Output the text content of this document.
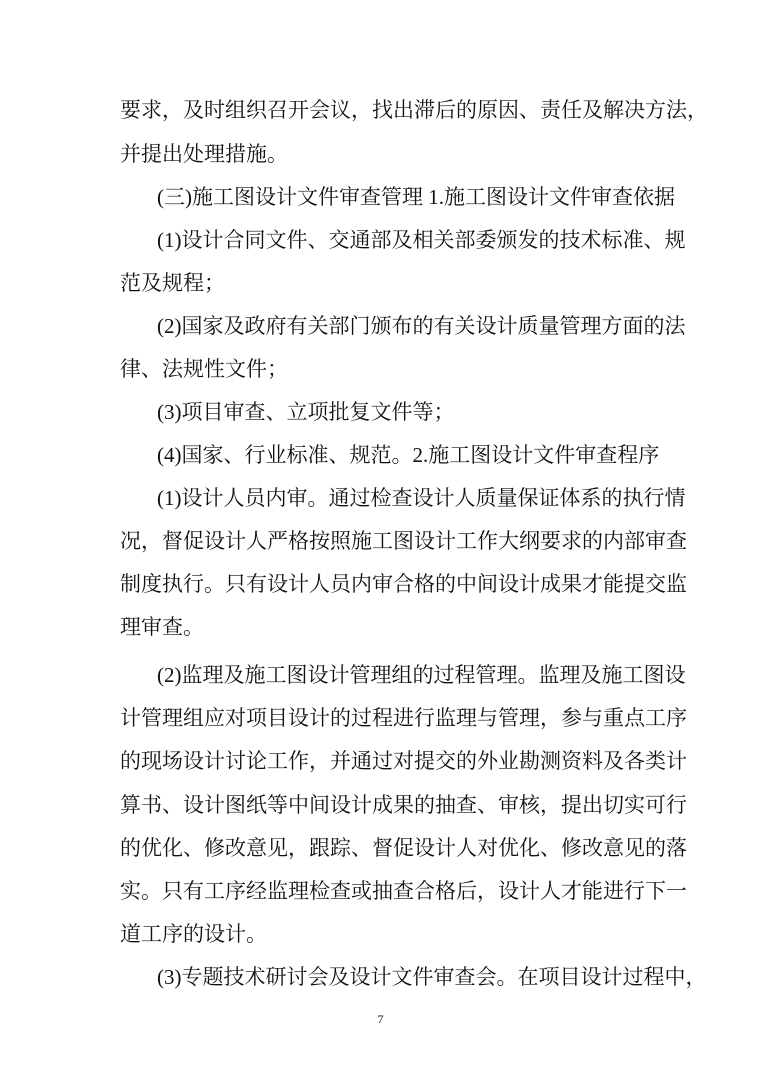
要求，及时组织召开会议，找出滞后的原因、责任及解决方法，
并提出处理措施。
(三)施工图设计文件审查管理 1.施工图设计文件审查依据
(1)设计合同文件、交通部及相关部委颁发的技术标准、规
范及规程；
(2)国家及政府有关部门颁布的有关设计质量管理方面的法
律、法规性文件；
(3)项目审查、立项批复文件等；
(4)国家、行业标准、规范。2.施工图设计文件审查程序
(1)设计人员内审。通过检查设计人质量保证体系的执行情
况，督促设计人严格按照施工图设计工作大纲要求的内部审查
制度执行。只有设计人员内审合格的中间设计成果才能提交监
理审查。
(2)监理及施工图设计管理组的过程管理。监理及施工图设
计管理组应对项目设计的过程进行监理与管理，参与重点工序
的现场设计讨论工作，并通过对提交的外业勘测资料及各类计
算书、设计图纸等中间设计成果的抽查、审核，提出切实可行
的优化、修改意见，跟踪、督促设计人对优化、修改意见的落
实。只有工序经监理检查或抽查合格后，设计人才能进行下一
道工序的设计。
(3)专题技术研讨会及设计文件审查会。在项目设计过程中，
7
